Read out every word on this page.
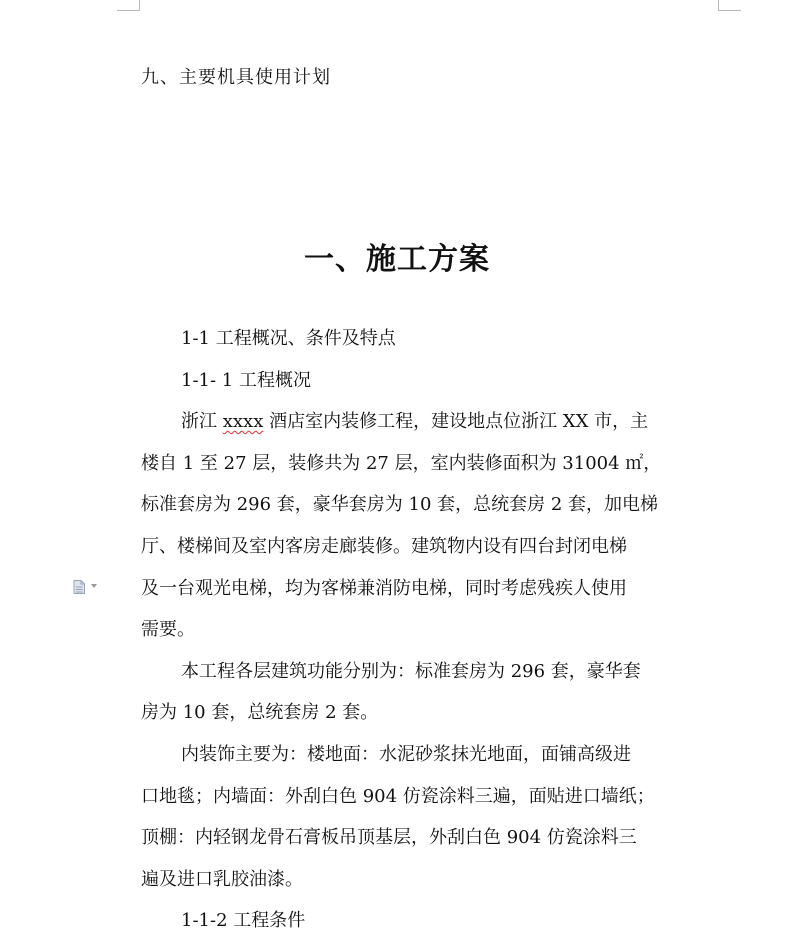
九、主要机具使用计划
一、施工方案
1-1 工程概况、条件及特点
1-1- 1 工程概况
浙江 xxxx 酒店室内装修工程，建设地点位浙江 XX 市，主
楼自 1 至 27 层，装修共为 27 层，室内装修面积为 31004 ㎡，
标准套房为 296 套，豪华套房为 10 套，总统套房 2 套，加电梯
厅、楼梯间及室内客房走廊装修。建筑物内设有四台封闭电梯
及一台观光电梯，均为客梯兼消防电梯，同时考虑残疾人使用
需要。
本工程各层建筑功能分别为：标准套房为 296 套，豪华套
房为 10 套，总统套房 2 套。
内装饰主要为：楼地面：水泥砂浆抹光地面，面铺高级进
口地毯；内墙面：外刮白色 904 仿瓷涂料三遍，面贴进口墙纸；
顶棚：内轻钢龙骨石膏板吊顶基层，外刮白色 904 仿瓷涂料三
遍及进口乳胶油漆。
1-1-2 工程条件
